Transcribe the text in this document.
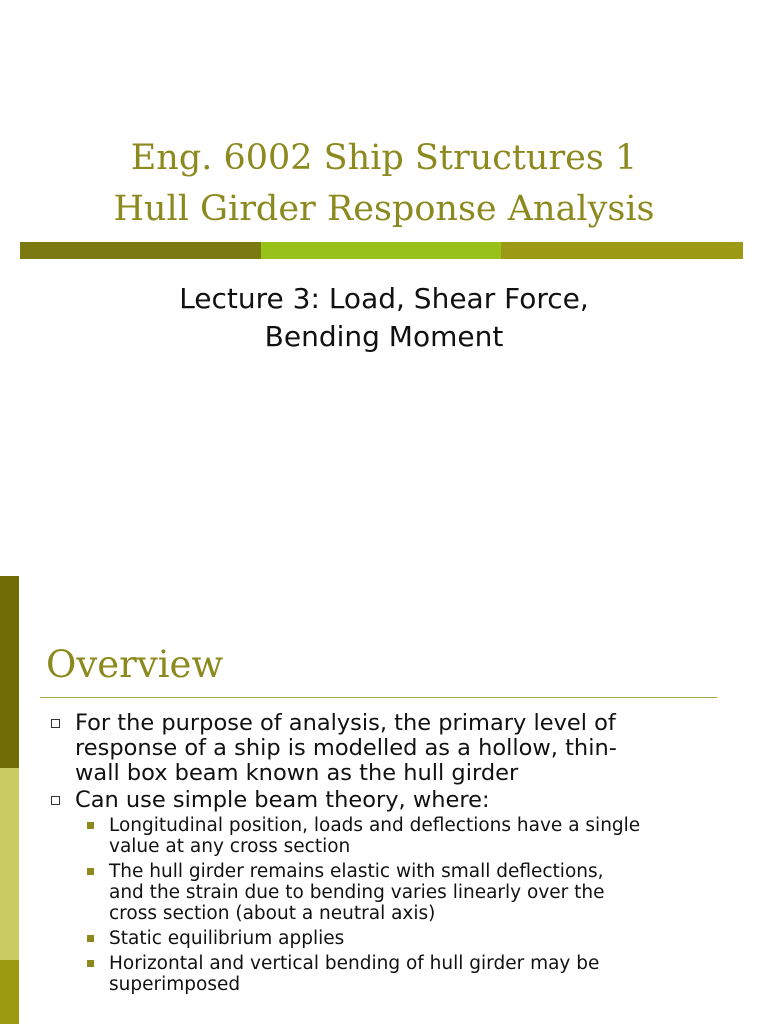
Eng. 6002 Ship Structures 1
Hull Girder Response Analysis
Lecture 3: Load, Shear Force,
Bending Moment
Overview
For the purpose of analysis, the primary level of
response of a ship is modelled as a hollow, thin-
wall box beam known as the hull girder
Can use simple beam theory, where:
Longitudinal position, loads and deflections have a single
value at any cross section
The hull girder remains elastic with small deflections,
and the strain due to bending varies linearly over the
cross section (about a neutral axis)
Static equilibrium applies
Horizontal and vertical bending of hull girder may be
superimposed
